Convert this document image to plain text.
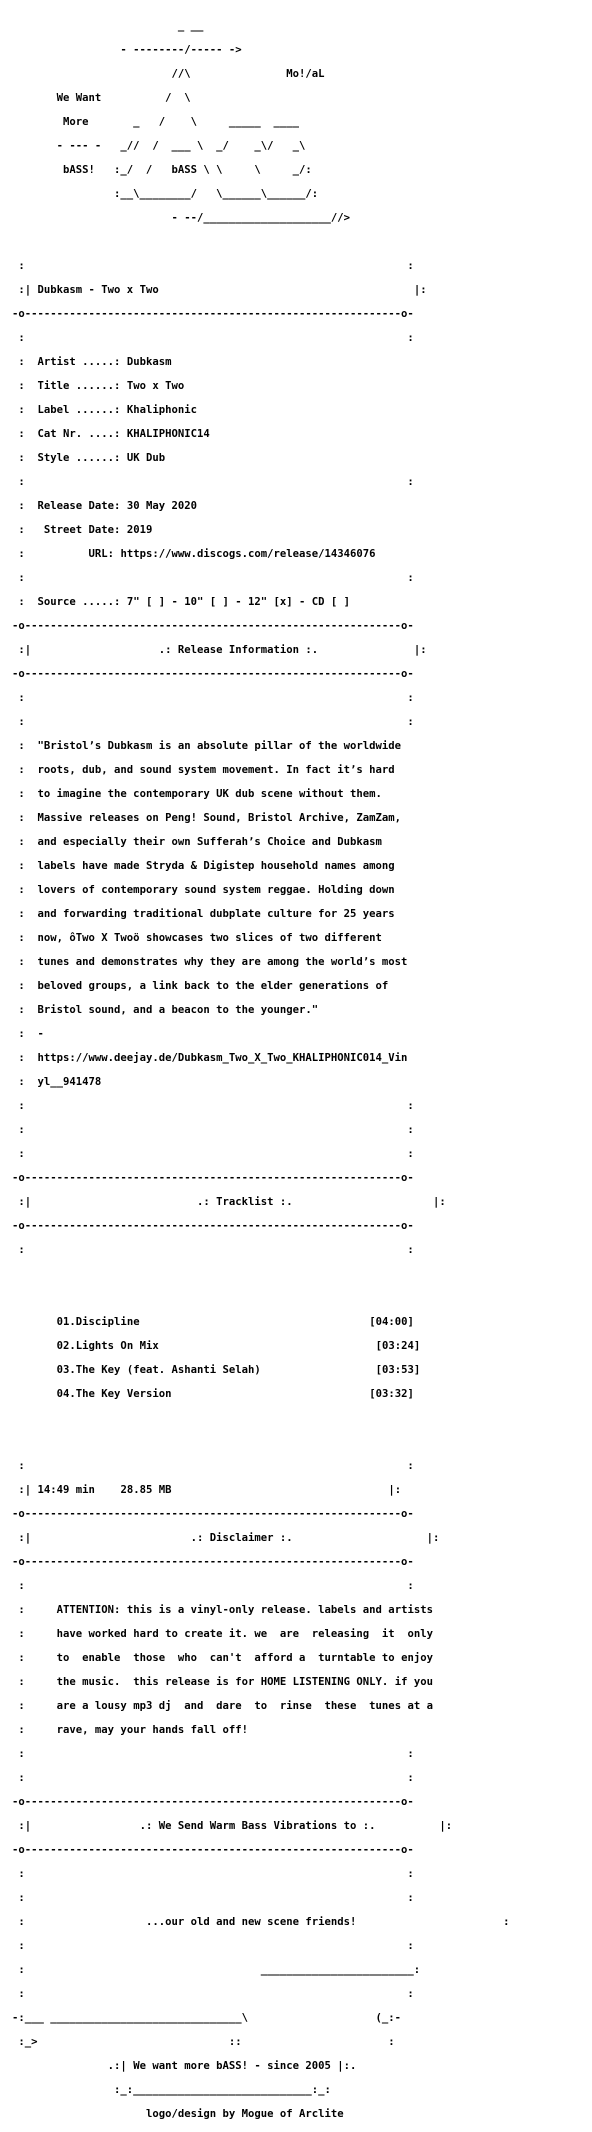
_ __

- --------/----- ->

//\               Mo!/aL

We Want          /  \

More       _   /    \     _____  ____

- --- -   _//  /  ___ \  _/    _\/   _\

bASS!   :_/  /   bASS \ \     \     _/:

:__\________/   \______\______/:

- --/____________________//>

:                                                            :

:| Dubkasm - Two x Two                                        |:

-o-----------------------------------------------------------o-

:                                                            :

:  Artist .....: Dubkasm

:  Title ......: Two x Two

:  Label ......: Khaliphonic

:  Cat Nr. ....: KHALIPHONIC14

:  Style ......: UK Dub

:                                                            :

:  Release Date: 30 May 2020

:   Street Date: 2019

:          URL: https://www.discogs.com/release/14346076

:                                                            :

:  Source .....: 7" [ ] - 10" [ ] - 12" [x] - CD [ ]

-o-----------------------------------------------------------o-

:|                    .: Release Information :.               |:

-o-----------------------------------------------------------o-

:                                                            :

:                                                            :

:  "Bristolʼs Dubkasm is an absolute pillar of the worldwide

:  roots, dub, and sound system movement. In fact itʼs hard

:  to imagine the contemporary UK dub scene without them.

:  Massive releases on Peng! Sound, Bristol Archive, ZamZam,

:  and especially their own Sufferahʼs Choice and Dubkasm

:  labels have made Stryda & Digistep household names among

:  lovers of contemporary sound system reggae. Holding down

:  and forwarding traditional dubplate culture for 25 years

:  now, ôTwo X Twoö showcases two slices of two different

:  tunes and demonstrates why they are among the worldʼs most

:  beloved groups, a link back to the elder generations of

:  Bristol sound, and a beacon to the younger."

:  -

:  https://www.deejay.de/Dubkasm_Two_X_Two_KHALIPHONIC014_Vin

:  yl__941478

:                                                            :

:                                                            :

:                                                            :

-o-----------------------------------------------------------o-

:|                          .: Tracklist :.                      |:

-o-----------------------------------------------------------o-

:                                                            :

01.Discipline	[04:00]

02.Lights On Mix	[03:24]

03.The Key (feat. Ashanti Selah)	[03:53]

04.The Key Version	[03:32]

:                                                            :

:| 14:49 min 28.85 MB                                  |:

-o-----------------------------------------------------------o-

:|                         .: Disclaimer :.                     |:

-o-----------------------------------------------------------o-

:                                                            :

:     ATTENTION: this is a vinyl-only release. labels and artists

:     have worked hard to create it. we  are  releasing  it  only

:     to  enable  those  who  can't  afford a  turntable to enjoy

:     the music.  this release is for HOME LISTENING ONLY. if you

:     are a lousy mp3 dj  and  dare  to  rinse  these  tunes at a

:     rave, may your hands fall off!

:                                                            :

:                                                            :

-o-----------------------------------------------------------o-

:|                 .: We Send Warm Bass Vibrations to :.          |:

-o-----------------------------------------------------------o-

:                                                            :

:                                                            :

:                   ...our old and new scene friends!                       :

:                                                            :

:                                     ________________________:

:                                                            :

-:___ ______________________________\                    (_:-

:_>                              ::                       :

.:| We want more bASS! - since 2005 |:.

:_:____________________________:_:

logo/design by Mogue of Arclite
